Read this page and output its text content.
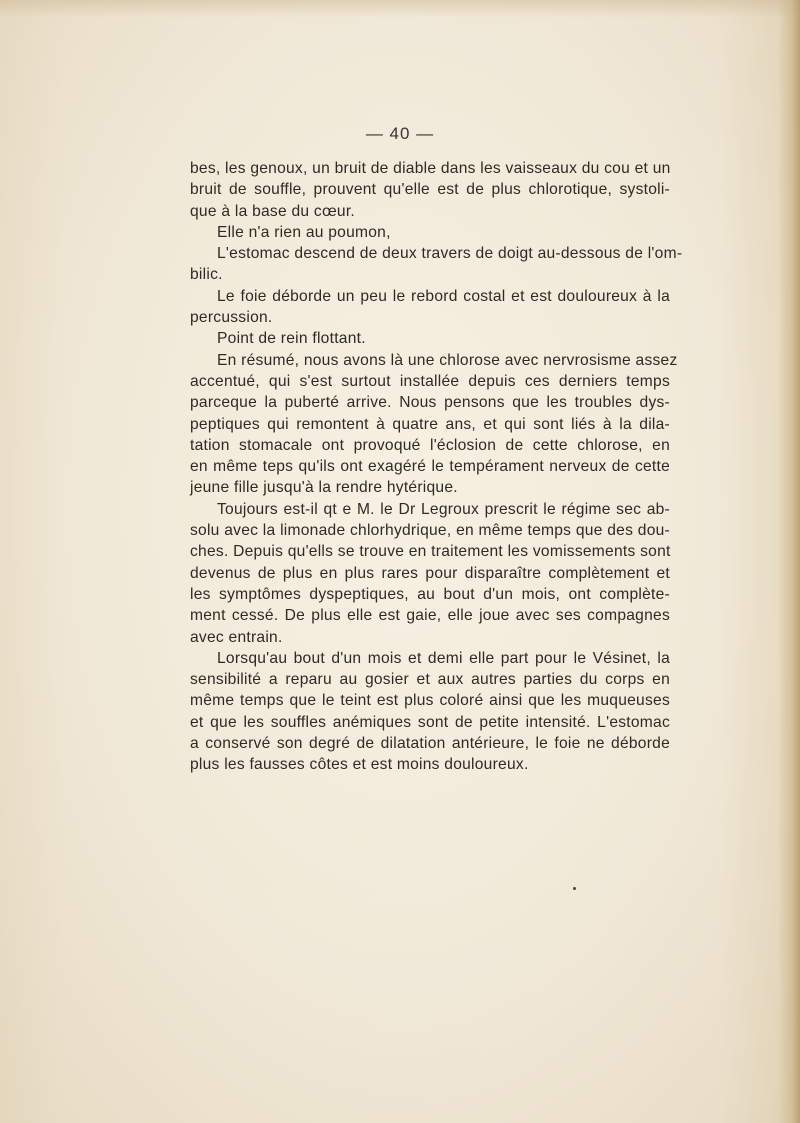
— 40 —
bes, les genoux, un bruit de diable dans les vaisseaux du cou et un
bruit de souffle, prouvent qu'elle est de plus chlorotique, systoli-
que à la base du cœur.
Elle n'a rien au poumon,
L'estomac descend de deux travers de doigt au-dessous de l'om-
bilic.
Le foie déborde un peu le rebord costal et est douloureux à la
percussion.
Point de rein flottant.
En résumé, nous avons là une chlorose avec nervrosisme assez
accentué, qui s'est surtout installée depuis ces derniers temps
parceque la puberté arrive. Nous pensons que les troubles dys-
peptiques qui remontent à quatre ans, et qui sont liés à la dila-
tation stomacale ont provoqué l'éclosion de cette chlorose, en
en même teps qu'ils ont exagéré le tempérament nerveux de cette
jeune fille jusqu'à la rendre hytérique.
Toujours est-il qt e M. le Dr Legroux prescrit le régime sec ab-
solu avec la limonade chlorhydrique, en même temps que des dou-
ches. Depuis qu'ells se trouve en traitement les vomissements sont
devenus de plus en plus rares pour disparaître complètement et
les symptômes dyspeptiques, au bout d'un mois, ont complète-
ment cessé. De plus elle est gaie, elle joue avec ses compagnes
avec entrain.
Lorsqu'au bout d'un mois et demi elle part pour le Vésinet, la
sensibilité a reparu au gosier et aux autres parties du corps en
même temps que le teint est plus coloré ainsi que les muqueuses
et que les souffles anémiques sont de petite intensité. L'estomac
a conservé son degré de dilatation antérieure, le foie ne déborde
plus les fausses côtes et est moins douloureux.
